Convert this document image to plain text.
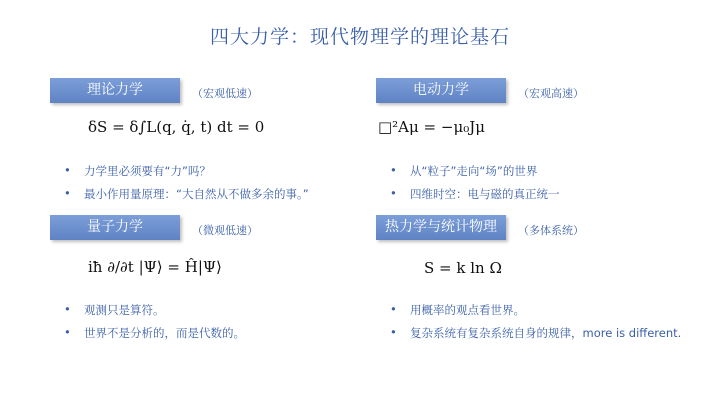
四大力学：现代物理学的理论基石
理论力学	（宏观低速）
δS = δ∫L(q, q̇, t) dt = 0
• 力学里必须要有“力”吗？
• 最小作用量原理：“大自然从不做多余的事。”
电动力学	（宏观高速）
□²Aμ = −μ₀Jμ
• 从“粒子”走向“场”的世界
• 四维时空：电与磁的真正统一
量子力学	（微观低速）
iħ ∂/∂t |Ψ⟩ = Ĥ|Ψ⟩
• 观测只是算符。
• 世界不是分析的，而是代数的。
热力学与统计物理	（多体系统）
S = k ln Ω
• 用概率的观点看世界。
• 复杂系统有复杂系统自身的规律，more is different.
